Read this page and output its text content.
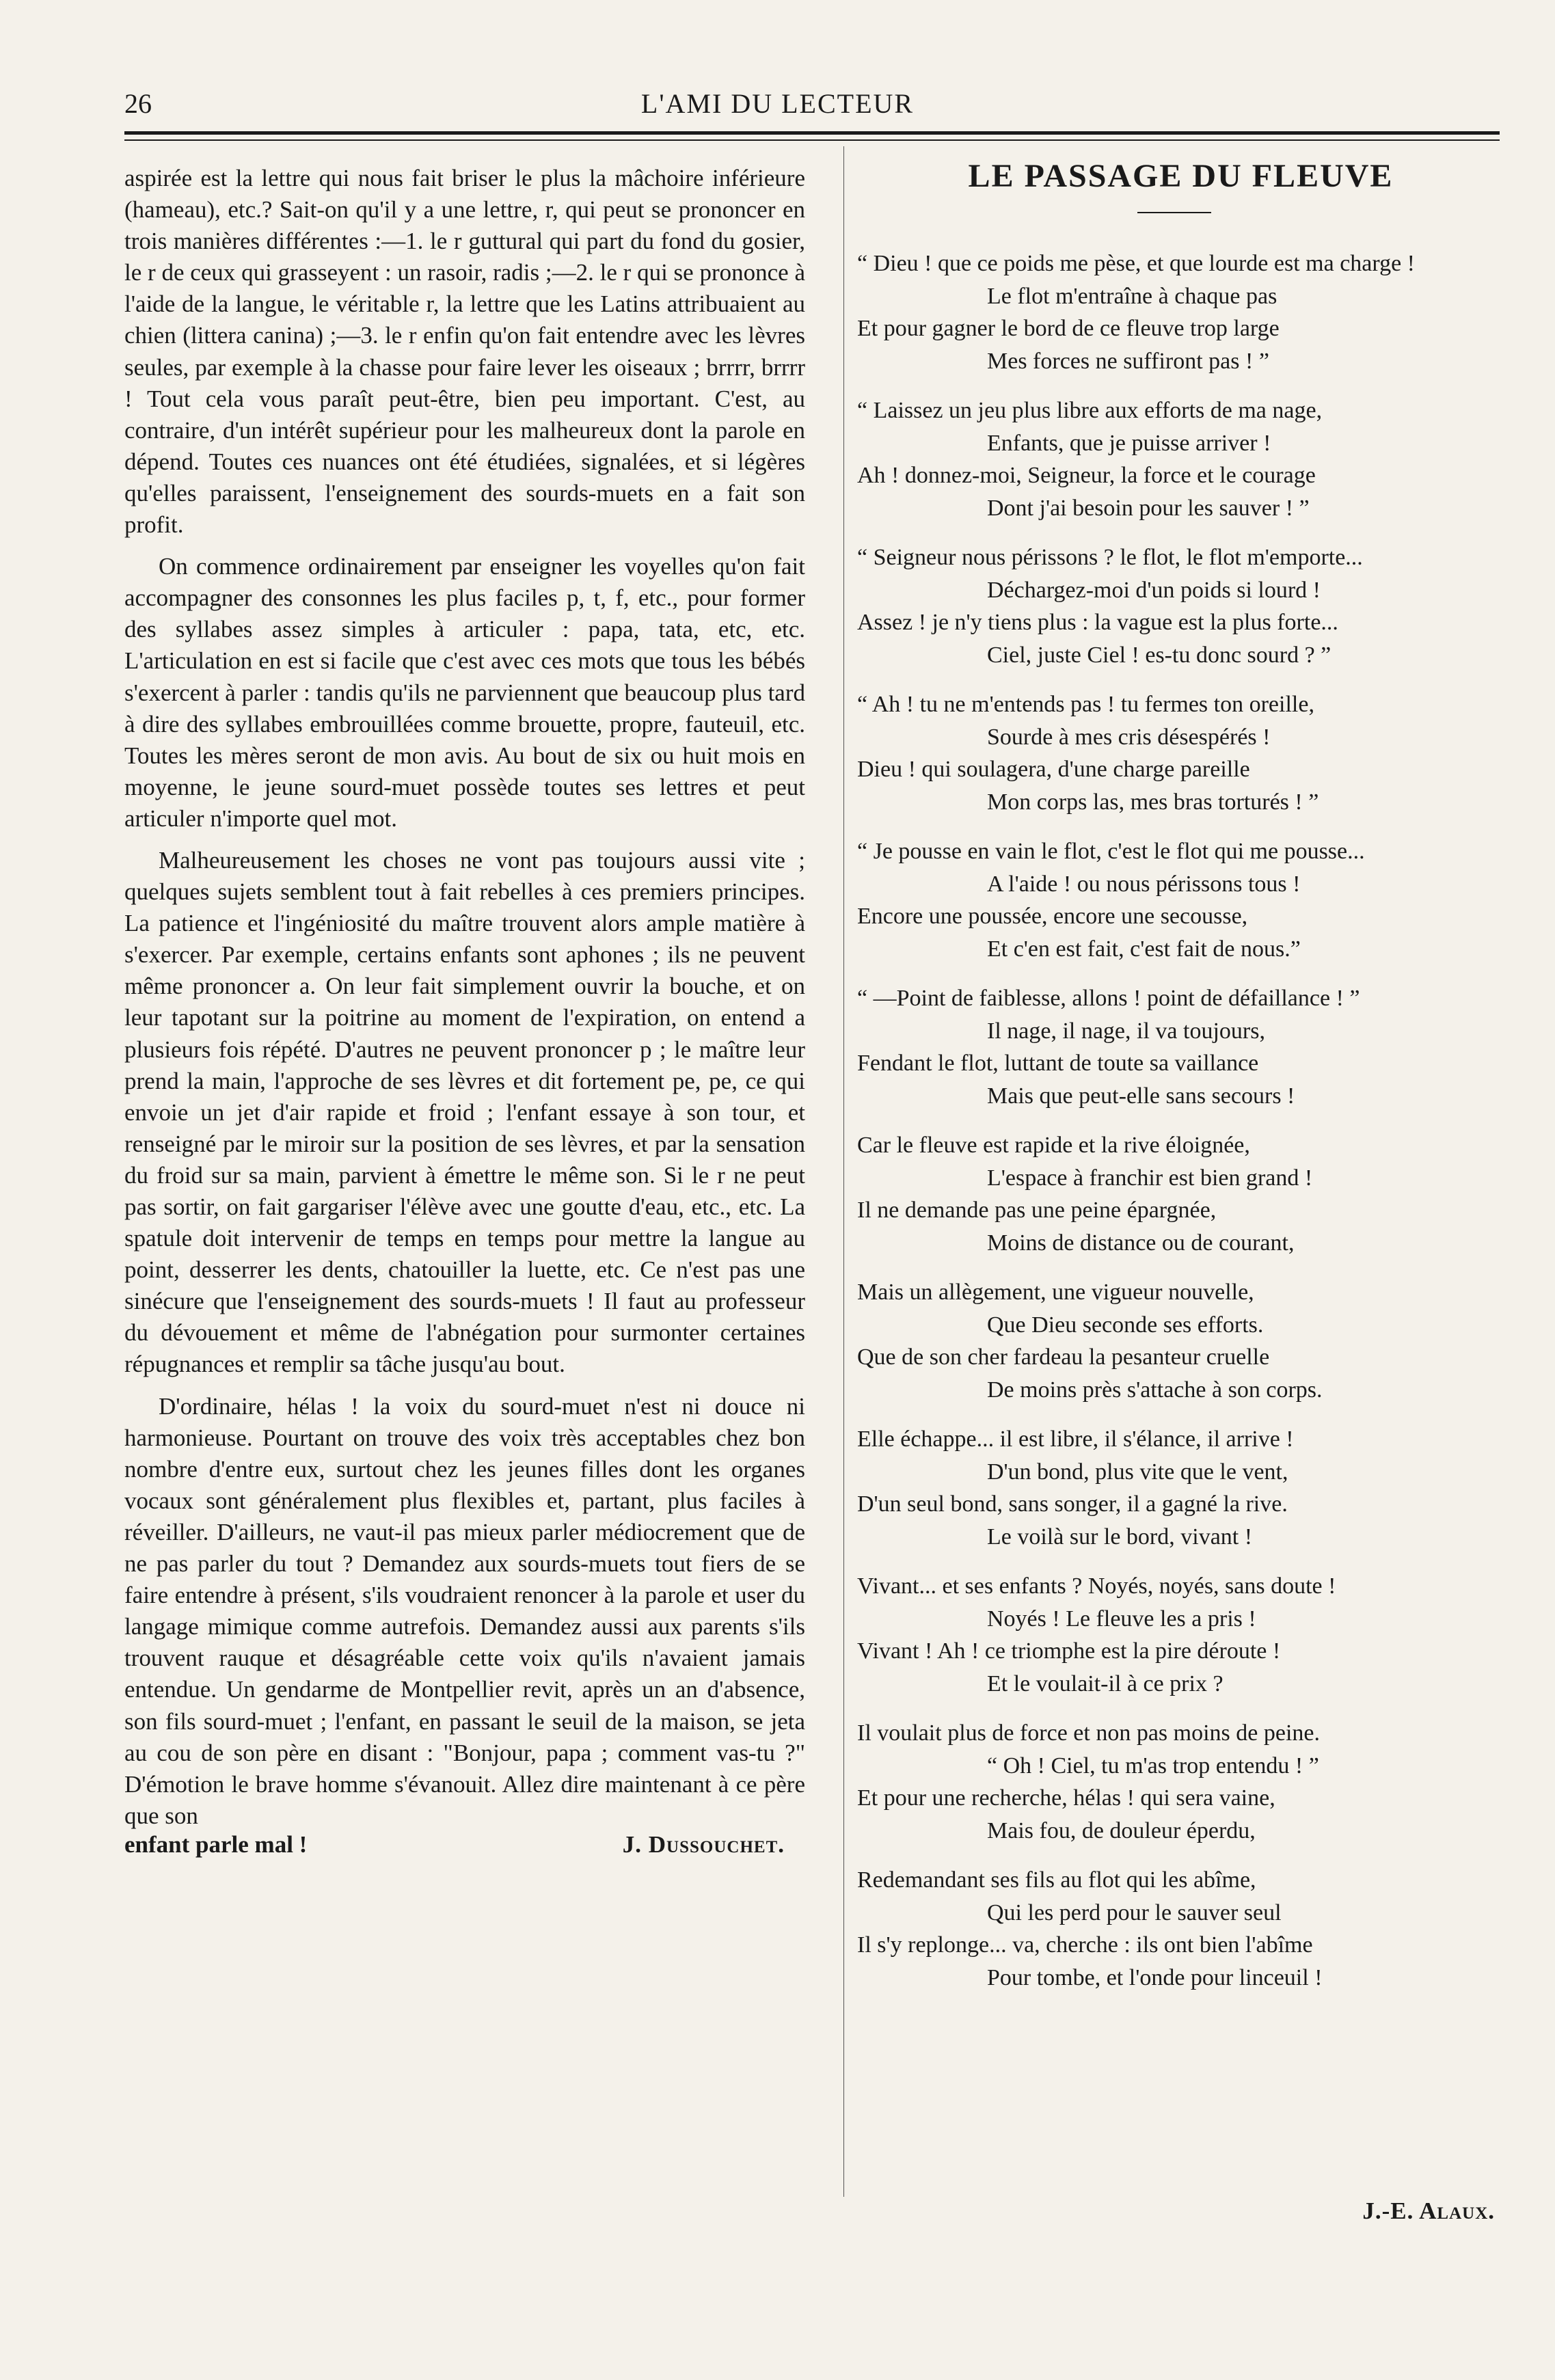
26	L'AMI DU LECTEUR

aspirée est la lettre qui nous fait briser le plus la mâchoire inférieure (hameau), etc.? Sait-on qu'il y a une lettre, r, qui peut se prononcer en trois manières différentes :—1. le r guttural qui part du fond du gosier, le r de ceux qui grasseyent : un rasoir, radis ;—2. le r qui se prononce à l'aide de la langue, le véritable r, la lettre que les Latins attribuaient au chien (littera canina) ;—3. le r enfin qu'on fait entendre avec les lèvres seules, par exemple à la chasse pour faire lever les oiseaux ; brrrr, brrrr ! Tout cela vous paraît peut-être, bien peu important. C'est, au contraire, d'un intérêt supérieur pour les malheureux dont la parole en dépend. Toutes ces nuances ont été étudiées, signalées, et si légères qu'elles paraissent, l'enseignement des sourds-muets en a fait son profit.

On commence ordinairement par enseigner les voyelles qu'on fait accompagner des consonnes les plus faciles p, t, f, etc., pour former des syllabes assez simples à articuler : papa, tata, etc, etc. L'articulation en est si facile que c'est avec ces mots que tous les bébés s'exercent à parler : tandis qu'ils ne parviennent que beaucoup plus tard à dire des syllabes embrouillées comme brouette, propre, fauteuil, etc. Toutes les mères seront de mon avis. Au bout de six ou huit mois en moyenne, le jeune sourd-muet possède toutes ses lettres et peut articuler n'importe quel mot.

Malheureusement les choses ne vont pas toujours aussi vite ; quelques sujets semblent tout à fait rebelles à ces premiers principes. La patience et l'ingéniosité du maître trouvent alors ample matière à s'exercer. Par exemple, certains enfants sont aphones ; ils ne peuvent même prononcer a. On leur fait simplement ouvrir la bouche, et on leur tapotant sur la poitrine au moment de l'expiration, on entend a plusieurs fois répété. D'autres ne peuvent prononcer p ; le maître leur prend la main, l'approche de ses lèvres et dit fortement pe, pe, ce qui envoie un jet d'air rapide et froid ; l'enfant essaye à son tour, et renseigné par le miroir sur la position de ses lèvres, et par la sensation du froid sur sa main, parvient à émettre le même son. Si le r ne peut pas sortir, on fait gargariser l'élève avec une goutte d'eau, etc., etc. La spatule doit intervenir de temps en temps pour mettre la langue au point, desserrer les dents, chatouiller la luette, etc. Ce n'est pas une sinécure que l'enseignement des sourds-muets ! Il faut au professeur du dévouement et même de l'abnégation pour surmonter certaines répugnances et remplir sa tâche jusqu'au bout.

D'ordinaire, hélas ! la voix du sourd-muet n'est ni douce ni harmonieuse. Pourtant on trouve des voix très acceptables chez bon nombre d'entre eux, surtout chez les jeunes filles dont les organes vocaux sont généralement plus flexibles et, partant, plus faciles à réveiller. D'ailleurs, ne vaut-il pas mieux parler médiocrement que de ne pas parler du tout ? Demandez aux sourds-muets tout fiers de se faire entendre à présent, s'ils voudraient renoncer à la parole et user du langage mimique comme autrefois. Demandez aussi aux parents s'ils trouvent rauque et désagréable cette voix qu'ils n'avaient jamais entendue. Un gendarme de Montpellier revit, après un an d'absence, son fils sourd-muet ; l'enfant, en passant le seuil de la maison, se jeta au cou de son père en disant : "Bonjour, papa ; comment vas-tu ?" D'émotion le brave homme s'évanouit. Allez dire maintenant à ce père que son

enfant parle mal !	J. Dussouchet.
LE PASSAGE DU FLEUVE
“ Dieu ! que ce poids me pèse, et que lourde est ma charge !
Le flot m'entraîne à chaque pas
Et pour gagner le bord de ce fleuve trop large
Mes forces ne suffiront pas ! ”
“ Laissez un jeu plus libre aux efforts de ma nage,
Enfants, que je puisse arriver !
Ah ! donnez-moi, Seigneur, la force et le courage
Dont j'ai besoin pour les sauver ! ”
“ Seigneur nous périssons ? le flot, le flot m'emporte...
Déchargez-moi d'un poids si lourd !
Assez ! je n'y tiens plus : la vague est la plus forte...
Ciel, juste Ciel ! es-tu donc sourd ? ”
“ Ah ! tu ne m'entends pas ! tu fermes ton oreille,
Sourde à mes cris désespérés !
Dieu ! qui soulagera, d'une charge pareille
Mon corps las, mes bras torturés ! ”
“ Je pousse en vain le flot, c'est le flot qui me pousse...
A l'aide ! ou nous périssons tous !
Encore une poussée, encore une secousse,
Et c'en est fait, c'est fait de nous.”
“ —Point de faiblesse, allons ! point de défaillance ! ”
Il nage, il nage, il va toujours,
Fendant le flot, luttant de toute sa vaillance
Mais que peut-elle sans secours !
Car le fleuve est rapide et la rive éloignée,
L'espace à franchir est bien grand !
Il ne demande pas une peine épargnée,
Moins de distance ou de courant,
Mais un allègement, une vigueur nouvelle,
Que Dieu seconde ses efforts.
Que de son cher fardeau la pesanteur cruelle
De moins près s'attache à son corps.
Elle échappe... il est libre, il s'élance, il arrive !
D'un bond, plus vite que le vent,
D'un seul bond, sans songer, il a gagné la rive.
Le voilà sur le bord, vivant !
Vivant... et ses enfants ? Noyés, noyés, sans doute !
Noyés ! Le fleuve les a pris !
Vivant ! Ah ! ce triomphe est la pire déroute !
Et le voulait-il à ce prix ?
Il voulait plus de force et non pas moins de peine.
“ Oh ! Ciel, tu m'as trop entendu ! ”
Et pour une recherche, hélas ! qui sera vaine,
Mais fou, de douleur éperdu,
Redemandant ses fils au flot qui les abîme,
Qui les perd pour le sauver seul
Il s'y replonge... va, cherche : ils ont bien l'abîme
Pour tombe, et l'onde pour linceuil !
J.-E. Alaux.
